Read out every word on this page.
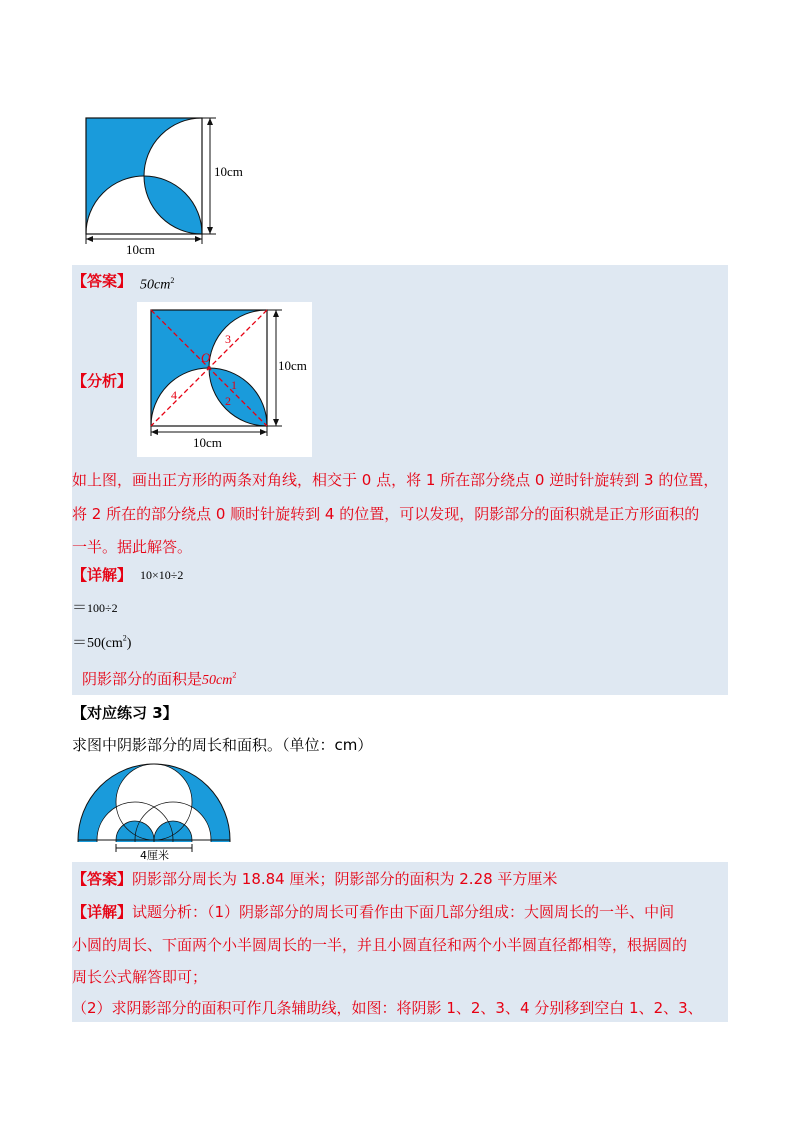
10cm
10cm
【答案】 $50cm^2$
O
3
1
2
4
10cm
10cm
【分析】
如上图，画出正方形的两条对角线，相交于 0 点，将 1 所在部分绕点 0 逆时针旋转到 3 的位置，
将 2 所在的部分绕点 0 顺时针旋转到 4 的位置，可以发现，阴影部分的面积就是正方形面积的
一半。据此解答。
【详解】 10×10÷2
＝100÷2
$=50(cm^2)$
阴影部分的面积是$50cm^2$
【对应练习 3】
求图中阴影部分的周长和面积。（单位：cm）
4厘米
【答案】阴影部分周长为 18.84 厘米；阴影部分的面积为 2.28 平方厘米
【详解】试题分析：（1）阴影部分的周长可看作由下面几部分组成：大圆周长的一半、中间
小圆的周长、下面两个小半圆周长的一半，并且小圆直径和两个小半圆直径都相等，根据圆的
周长公式解答即可；
（2）求阴影部分的面积可作几条辅助线，如图：将阴影 1、2、3、4 分别移到空白 1、2、3、
